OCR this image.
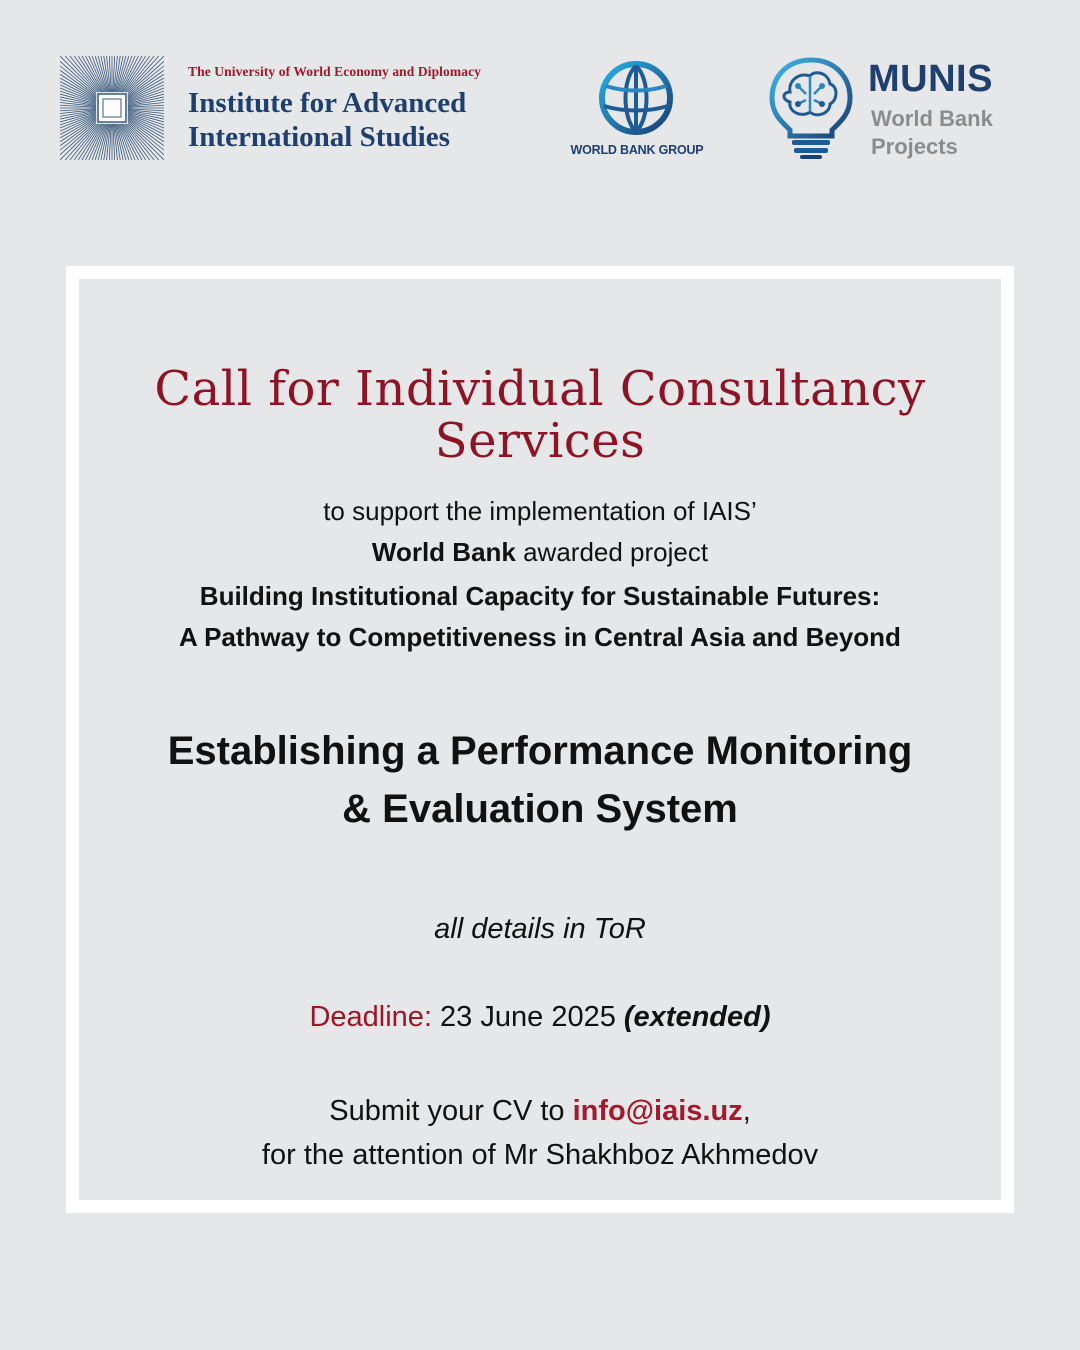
The University of World Economy and Diplomacy
Institute for Advanced
International Studies	WORLD BANK GROUP
MUNIS
World Bank
Projects
Call for Individual Consultancy
Services
to support the implementation of IAIS’
World Bank awarded project
Building Institutional Capacity for Sustainable Futures:
A Pathway to Competitiveness in Central Asia and Beyond
Establishing a Performance Monitoring
& Evaluation System
all details in ToR
Deadline: 23 June 2025 (extended)
Submit your CV to info@iais.uz,
for the attention of Mr Shakhboz Akhmedov
